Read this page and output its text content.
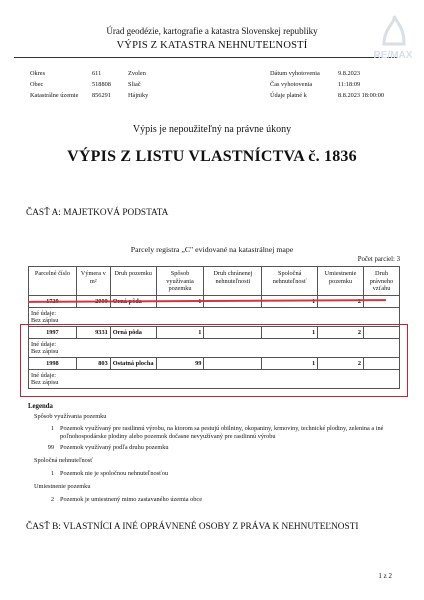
Úrad geodézie, kartografie a katastra Slovenskej republiky
VÝPIS Z KATASTRA NEHNUTEĽNOSTÍ
RE/MAX
Okres	611	Zvolen	Dátum vyhotovenia	9.8.2023
Obec	518808	Sliač	Čas vyhotovenia	11:18:09
Katastrálne územie 856291	Hájniky	Údaje platné k	8.8.2023 18:00:00
Výpis je nepoužiteľný na právne úkony
VÝPIS Z LISTU VLASTNÍCTVA č. 1836
ČASŤ A: MAJETKOVÁ PODSTATA
Parcely registra „C" evidované na katastrálnej mape
Počet parciel: 3
Parcelné číslo	Výmera v m²	Druh pozemku	Spôsob využívania pozemku	Druh chránenej nehnuteľnosti	Spoločná nehnuteľnosť	Umiestnenie pozemku	Druh právneho vzťahu
1720	2000	Orná pôda	1		1	2	
Iné údaje:
Bez zápisu							
1997	9331	Orná pôda	1		1	2	
Iné údaje:
Bez zápisu							
1998	803	Ostatná plocha	99		1	2	
Iné údaje:
Bez zápisu							
Legenda
Spôsob využívania pozemku
1 Pozemok využívaný pre rastlinnú výrobu, na ktorom sa pestujú obilniny, okopaniny, krmoviny, technické plodiny, zelenina a iné poľnohospodárske plodiny alebo pozemok dočasne nevyužívaný pre rastlinnú výrobu
99 Pozemok využívaný podľa druhu pozemku
Spoločná nehnuteľnosť
1 Pozemok nie je spoločnou nehnuteľnosťou
Umiestnenie pozemku
2 Pozemok je umiestnený mimo zastavaného územia obce
ČASŤ B: VLASTNÍCI A INÉ OPRÁVNENÉ OSOBY Z PRÁVA K NEHNUTEĽNOSTI
1 z 2
